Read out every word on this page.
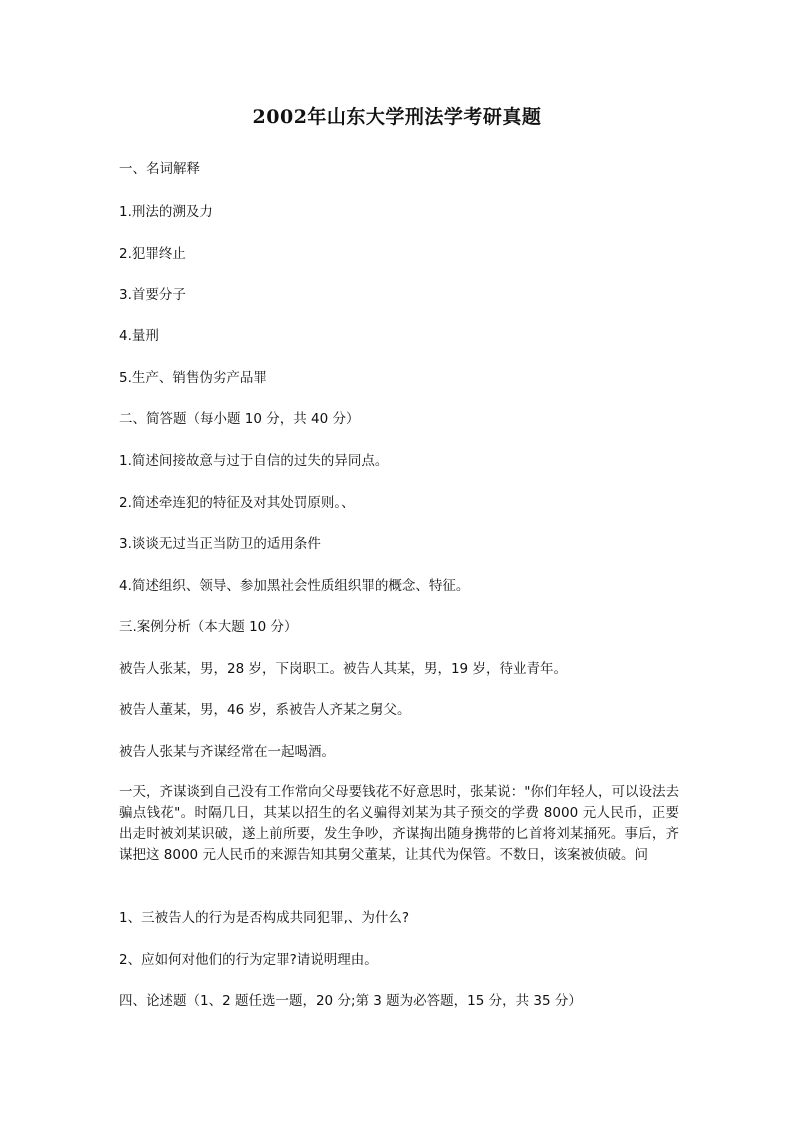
2002年山东大学刑法学考研真题
一、名词解释
1.刑法的溯及力
2.犯罪终止
3.首要分子
4.量刑
5.生产、销售伪劣产品罪
二、简答题（每小题 10 分，共 40 分）
1.简述间接故意与过于自信的过失的异同点。
2.简述牵连犯的特征及对其处罚原则。、
3.谈谈无过当正当防卫的适用条件
4.简述组织、领导、参加黑社会性质组织罪的概念、特征。
三.案例分析（本大题 10 分）
被告人张某，男，28 岁，下岗职工。被告人其某，男，19 岁，待业青年。
被告人董某，男，46 岁，系被告人齐某之舅父。
被告人张某与齐谋经常在一起喝酒。
一天，齐谋谈到自己没有工作常向父母要钱花不好意思时，张某说："你们年轻人，可以设法去骗点钱花"。时隔几日，其某以招生的名义骗得刘某为其子预交的学费 8000 元人民币，正要出走时被刘某识破，遂上前所要，发生争吵，齐谋掏出随身携带的匕首将刘某捅死。事后，齐谋把这 8000 元人民币的来源告知其舅父董某，让其代为保管。不数日，该案被侦破。问
1、三被告人的行为是否构成共同犯罪,、为什么?
2、应如何对他们的行为定罪?请说明理由。
四、论述题（1、2 题任选一题，20 分;第 3 题为必答题，15 分，共 35 分）
